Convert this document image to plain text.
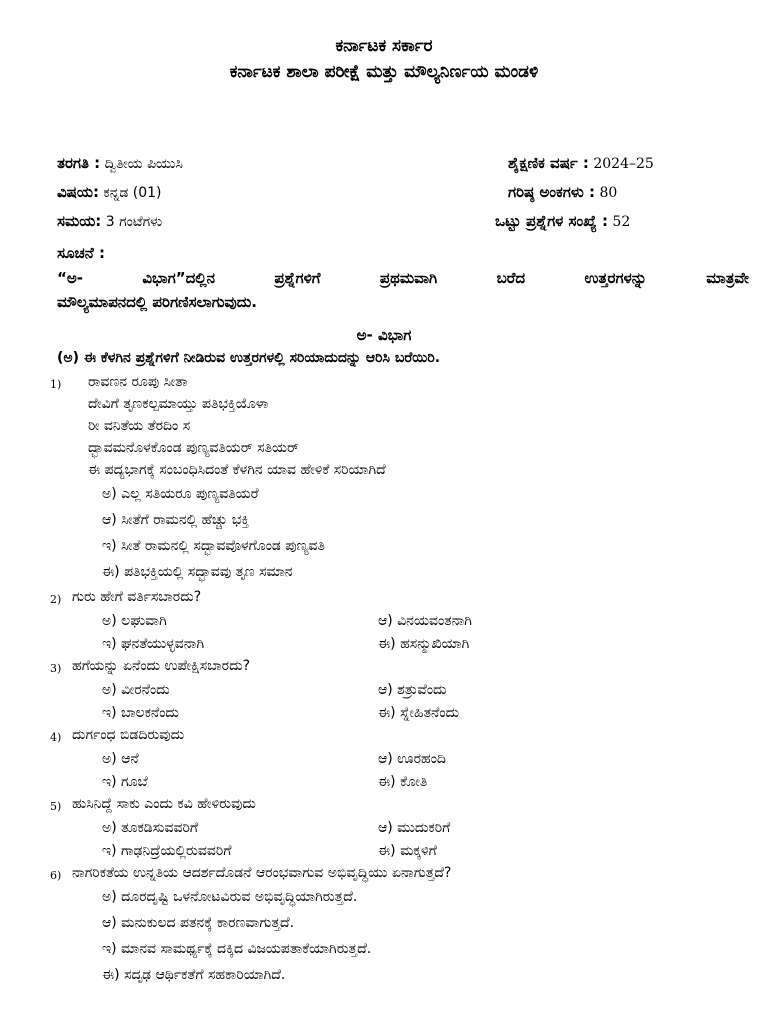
ಕರ್ನಾಟಕ ಸರ್ಕಾರ
ಕರ್ನಾಟಕ ಶಾಲಾ ಪರೀಕ್ಷೆ ಮತ್ತು ಮೌಲ್ಯನಿರ್ಣಯ ಮಂಡಳಿ
ತರಗತಿ : ದ್ವಿತೀಯ ಪಿಯುಸಿ	ಶೈಕ್ಷಣಿಕ ವರ್ಷ : 2024–25
ವಿಷಯ: ಕನ್ನಡ (01)	ಗರಿಷ್ಠ ಅಂಕಗಳು : 80
ಸಮಯ: 3 ಗಂಟೆಗಳು	ಒಟ್ಟು ಪ್ರಶ್ನೆಗಳ ಸಂಖ್ಯೆ : 52
ಸೂಚನೆ :
“ಅ- ವಿಭಾಗ”ದಲ್ಲಿನ ಪ್ರಶ್ನೆಗಳಿಗೆ ಪ್ರಥಮವಾಗಿ ಬರೆದ ಉತ್ತರಗಳನ್ನು ಮಾತ್ರವೇ
ಮೌಲ್ಯಮಾಪನದಲ್ಲಿ ಪರಿಗಣಿಸಲಾಗುವುದು.
ಅ- ವಿಭಾಗ
(ಅ) ಈ ಕೆಳಗಿನ ಪ್ರಶ್ನೆಗಳಿಗೆ ನೀಡಿರುವ ಉತ್ತರಗಳಲ್ಲಿ ಸರಿಯಾದುದನ್ನು ಆರಿಸಿ ಬರೆಯಿರಿ.
1) ರಾವಣನ ರೂಪು ಸೀತಾ
ದೇವಿಗೆ ತೃಣಕಲ್ಪಮಾಯ್ತು ಪತಿಭಕ್ತಿಯೊಳಾ
ರೀ ವನಿತೆಯ ತೆರದಿಂ ಸ
ದ್ಭಾವಮನೊಳಕೊಂಡ ಪುಣ್ಯವತಿಯರ್ ಸತಿಯರ್
ಈ ಪದ್ಯಭಾಗಕ್ಕೆ ಸಂಬಂಧಿಸಿದಂತೆ ಕೆಳಗಿನ ಯಾವ ಹೇಳಿಕೆ ಸರಿಯಾಗಿದೆ
ಅ) ಎಲ್ಲ ಸತಿಯರೂ ಪುಣ್ಯವತಿಯರೆ
ಆ) ಸೀತೆಗೆ ರಾಮನಲ್ಲಿ ಹೆಚ್ಚು ಭಕ್ತಿ
ಇ) ಸೀತೆ ರಾಮನಲ್ಲಿ ಸದ್ಭಾವವೊಳಗೊಂಡ ಪುಣ್ಯವತಿ
ಈ) ಪತಿಭಕ್ತಿಯಲ್ಲಿ ಸದ್ಭಾವವು ತೃಣ ಸಮಾನ
2) ಗುರು ಹೇಗೆ ವರ್ತಿಸಬಾರದು?
ಅ) ಲಘುವಾಗಿ	ಆ) ವಿನಯವಂತನಾಗಿ
ಇ) ಘನತೆಯುಳ್ಳವನಾಗಿ	ಈ) ಹಸನ್ಮುಖಿಯಾಗಿ
3) ಹಗೆಯನ್ನು ಏನೆಂದು ಉಪೇಕ್ಷಿಸಬಾರದು?
ಅ) ವೀರನೆಂದು	ಆ) ಶತ್ರುವೆಂದು
ಇ) ಬಾಲಕನೆಂದು	ಈ) ಸ್ನೇಹಿತನೆಂದು
4) ದುರ್ಗಂಧ ಬಿಡದಿರುವುದು
ಅ) ಆನೆ	ಆ) ಊರಹಂದಿ
ಇ) ಗೂಬೆ	ಈ) ಕೋತಿ
5) ಹುಸಿನಿದ್ದೆ ಸಾಕು ಎಂದು ಕವಿ ಹೇಳಿರುವುದು
ಅ) ತೂಕಡಿಸುವವರಿಗೆ	ಆ) ಮುದುಕರಿಗೆ
ಇ) ಗಾಢನಿದ್ರೆಯಲ್ಲಿರುವವರಿಗೆ	ಈ) ಮಕ್ಕಳಿಗೆ
6) ನಾಗರಿಕತೆಯ ಉನ್ನತಿಯ ಆದರ್ಶದೊಡನೆ ಆರಂಭವಾಗುವ ಅಭಿವೃದ್ಧಿಯು ಏನಾಗುತ್ತದೆ?
ಅ) ದೂರದೃಷ್ಟಿ ಒಳನೋಟವಿರುವ ಅಭಿವೃದ್ಧಿಯಾಗಿರುತ್ತದೆ.
ಆ) ಮನುಕುಲದ ಪತನಕ್ಕೆ ಕಾರಣವಾಗುತ್ತದೆ.
ಇ) ಮಾನವ ಸಾಮರ್ಥ್ಯಕ್ಕೆ ದಕ್ಕಿದ ವಿಜಯಪತಾಕೆಯಾಗಿರುತ್ತದೆ.
ಈ) ಸದೃಢ ಆರ್ಥಿಕತೆಗೆ ಸಹಕಾರಿಯಾಗಿದೆ.
